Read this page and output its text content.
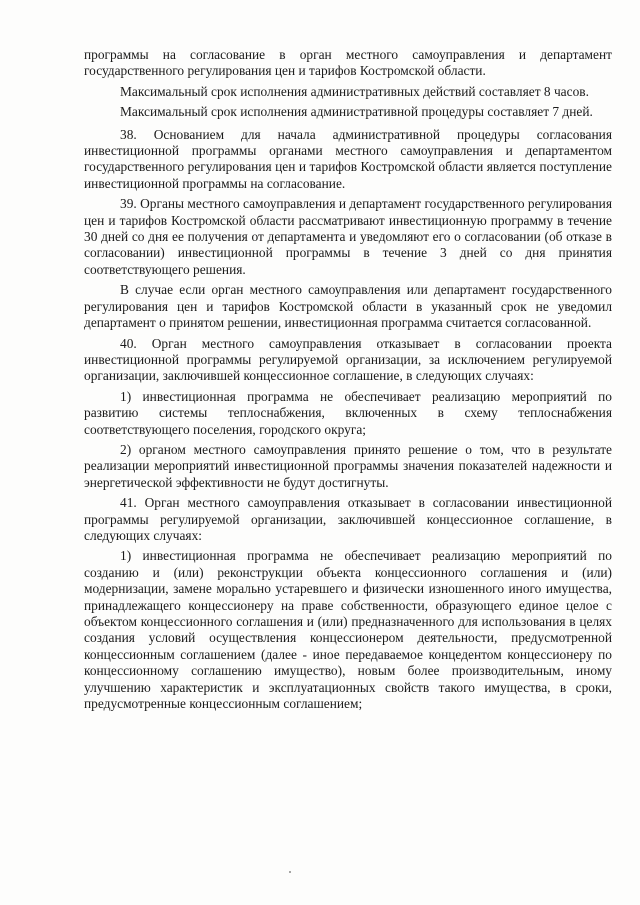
программы на согласование в орган местного самоуправления и департамент государственного регулирования цен и тарифов Костромской области.

Максимальный срок исполнения административных действий составляет 8 часов.

Максимальный срок исполнения административной процедуры составляет 7 дней.

38. Основанием для начала административной процедуры согласования инвестиционной программы органами местного самоуправления и департаментом государственного регулирования цен и тарифов Костромской области является поступление инвестиционной программы на согласование.

39. Органы местного самоуправления и департамент государственного регулирования цен и тарифов Костромской области рассматривают инвестиционную программу в течение 30 дней со дня ее получения от департамента и уведомляют его о согласовании (об отказе в согласовании) инвестиционной программы в течение 3 дней со дня принятия соответствующего решения.

В случае если орган местного самоуправления или департамент государственного регулирования цен и тарифов Костромской области в указанный срок не уведомил департамент о принятом решении, инвестиционная программа считается согласованной.

40. Орган местного самоуправления отказывает в согласовании проекта инвестиционной программы регулируемой организации, за исключением регулируемой организации, заключившей концессионное соглашение, в следующих случаях:

1) инвестиционная программа не обеспечивает реализацию мероприятий по развитию системы теплоснабжения, включенных в схему теплоснабжения соответствующего поселения, городского округа;

2) органом местного самоуправления принято решение о том, что в результате реализации мероприятий инвестиционной программы значения показателей надежности и энергетической эффективности не будут достигнуты.

41. Орган местного самоуправления отказывает в согласовании инвестиционной программы регулируемой организации, заключившей концессионное соглашение, в следующих случаях:

1) инвестиционная программа не обеспечивает реализацию мероприятий по созданию и (или) реконструкции объекта концессионного соглашения и (или) модернизации, замене морально устаревшего и физически изношенного иного имущества, принадлежащего концессионеру на праве собственности, образующего единое целое с объектом концессионного соглашения и (или) предназначенного для использования в целях создания условий осуществления концессионером деятельности, предусмотренной концессионным соглашением (далее - иное передаваемое концедентом концессионеру по концессионному соглашению имущество), новым более производительным, иному улучшению характеристик и эксплуатационных свойств такого имущества, в сроки, предусмотренные концессионным соглашением;
